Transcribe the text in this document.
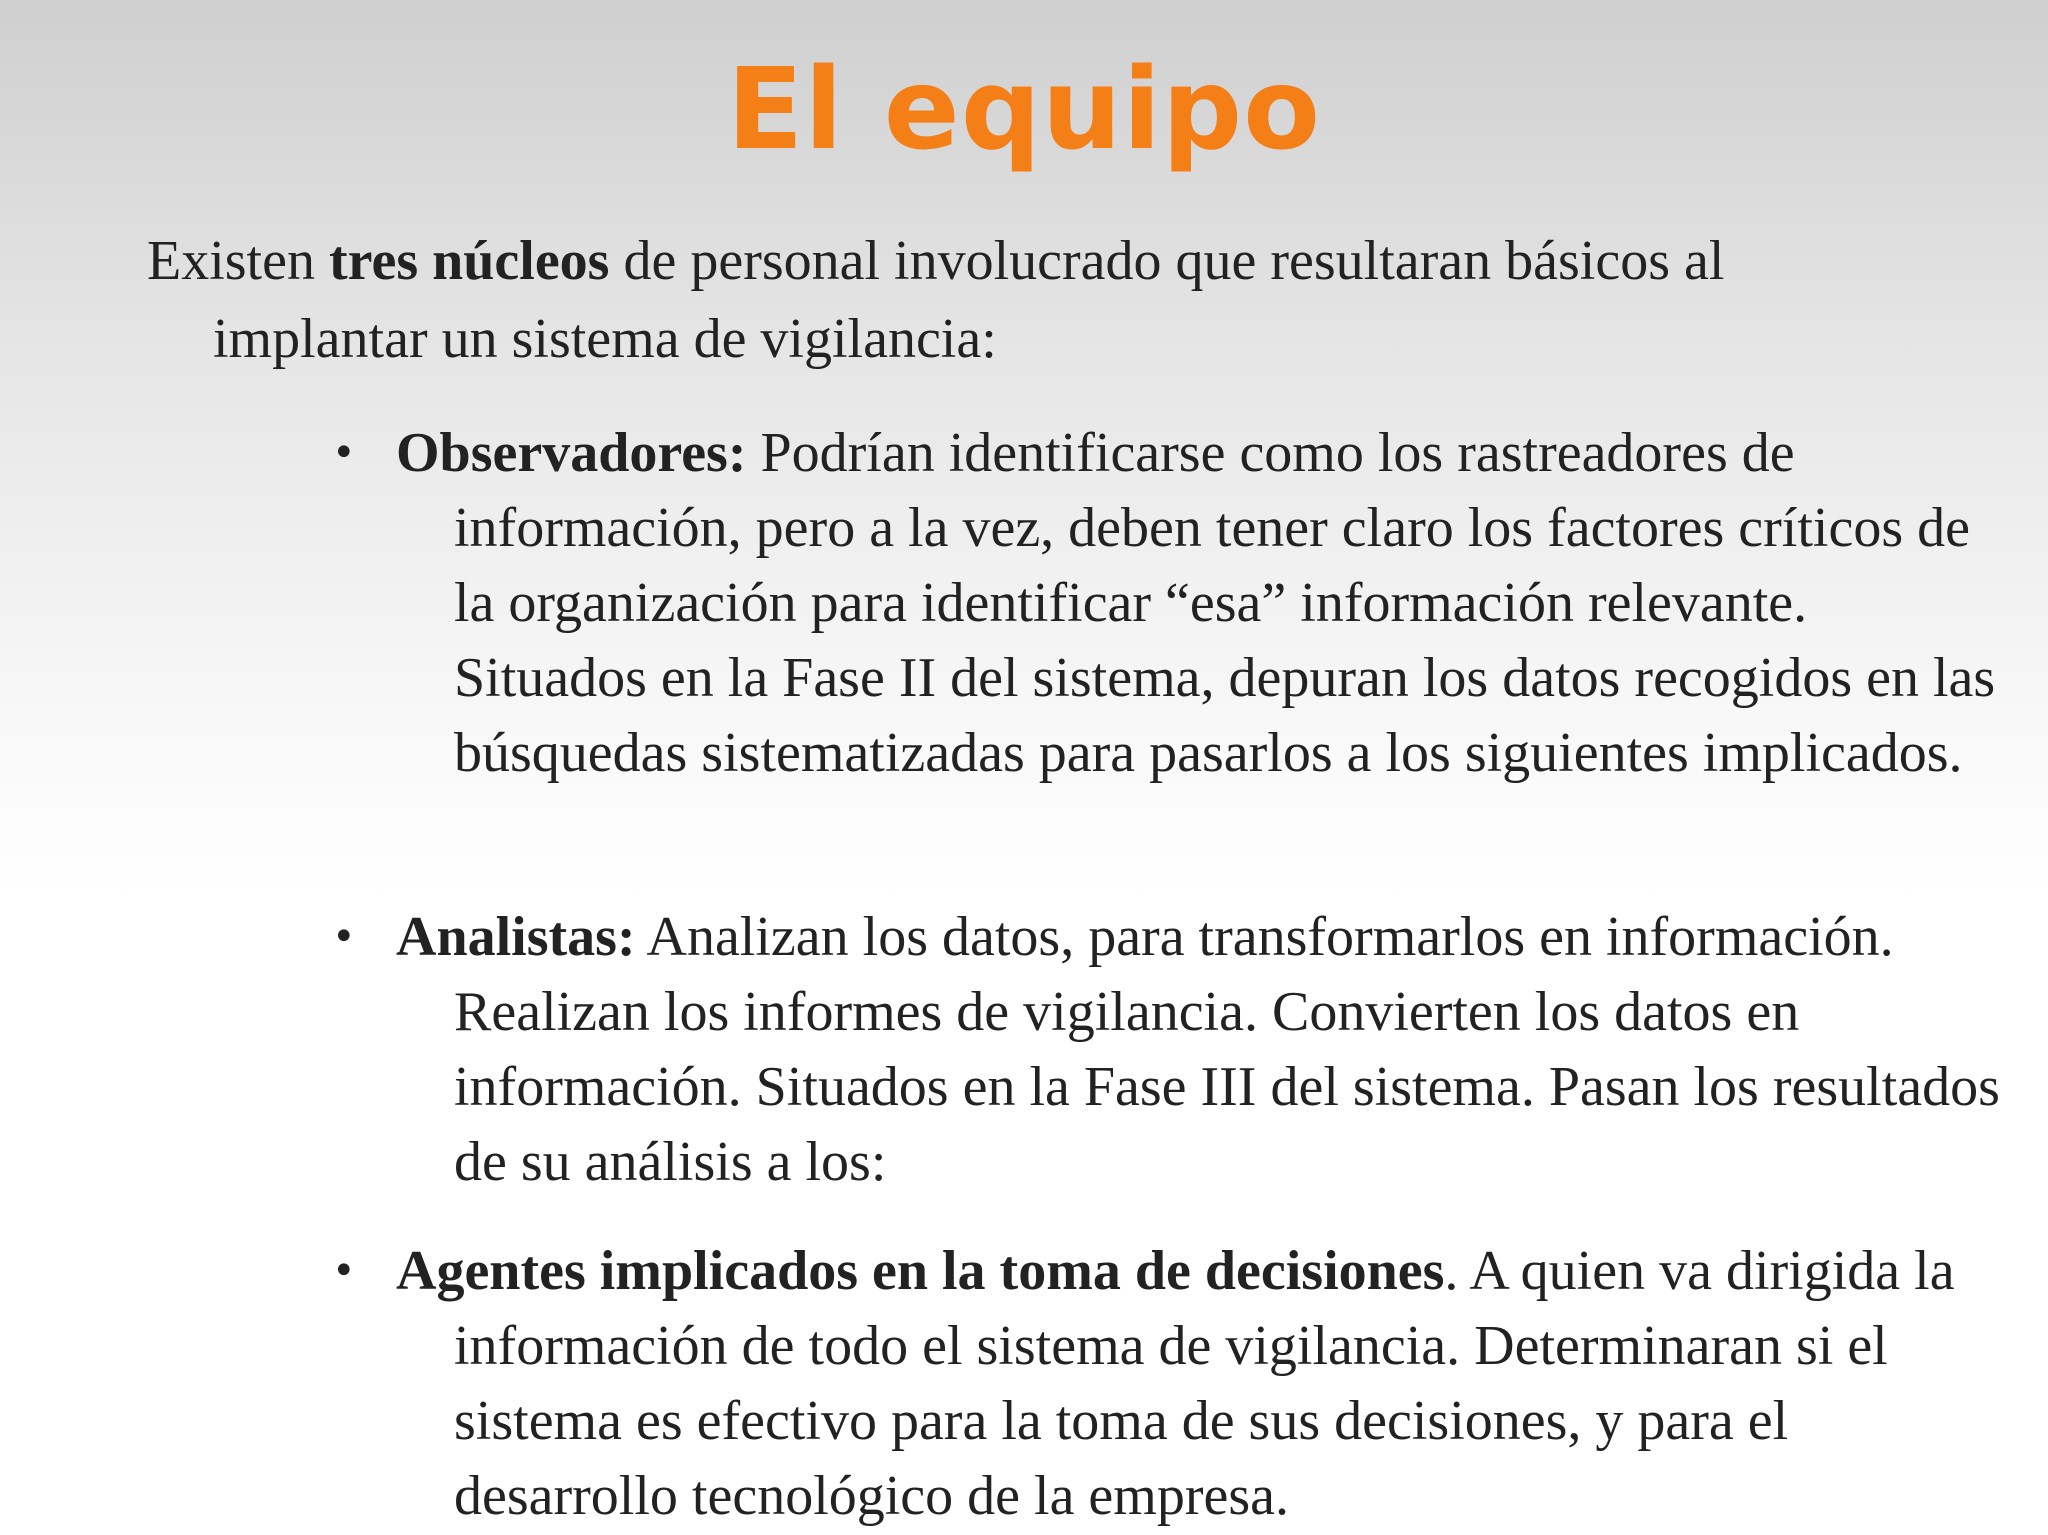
El equipo

Existen tres núcleos de personal involucrado que resultaran básicos al implantar un sistema de vigilancia:

• Observadores: Podrían identificarse como los rastreadores de información, pero a la vez, deben tener claro los factores críticos de la organización para identificar “esa” información relevante. Situados en la Fase II del sistema, depuran los datos recogidos en las búsquedas sistematizadas para pasarlos a los siguientes implicados.
• Analistas: Analizan los datos, para transformarlos en información. Realizan los informes de vigilancia. Convierten los datos en información. Situados en la Fase III del sistema. Pasan los resultados de su análisis a los:
• Agentes implicados en la toma de decisiones. A quien va dirigida la información de todo el sistema de vigilancia. Determinaran si el sistema es efectivo para la toma de sus decisiones, y para el desarrollo tecnológico de la empresa.
